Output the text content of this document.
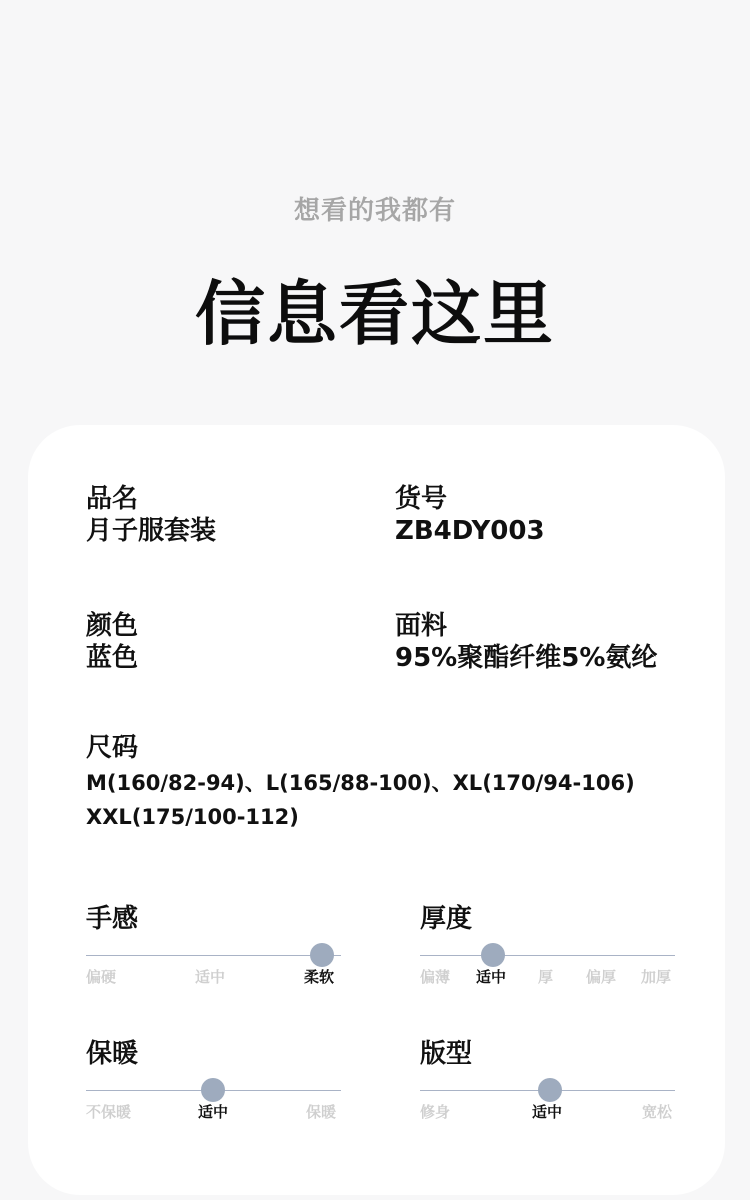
想看的我都有
信息看这里
品名
月子服套装
货号
ZB4DY003
颜色
蓝色
面料
95%聚酯纤维5%氨纶
尺码
M(160/82-94)、L(165/88-100)、XL(170/94-106)
XXL(175/100-112)
手感
偏硬	适中	柔软
厚度
偏薄 适中 厚 偏厚 加厚
保暖
不保暖	适中	保暖
版型
修身	适中	宽松
